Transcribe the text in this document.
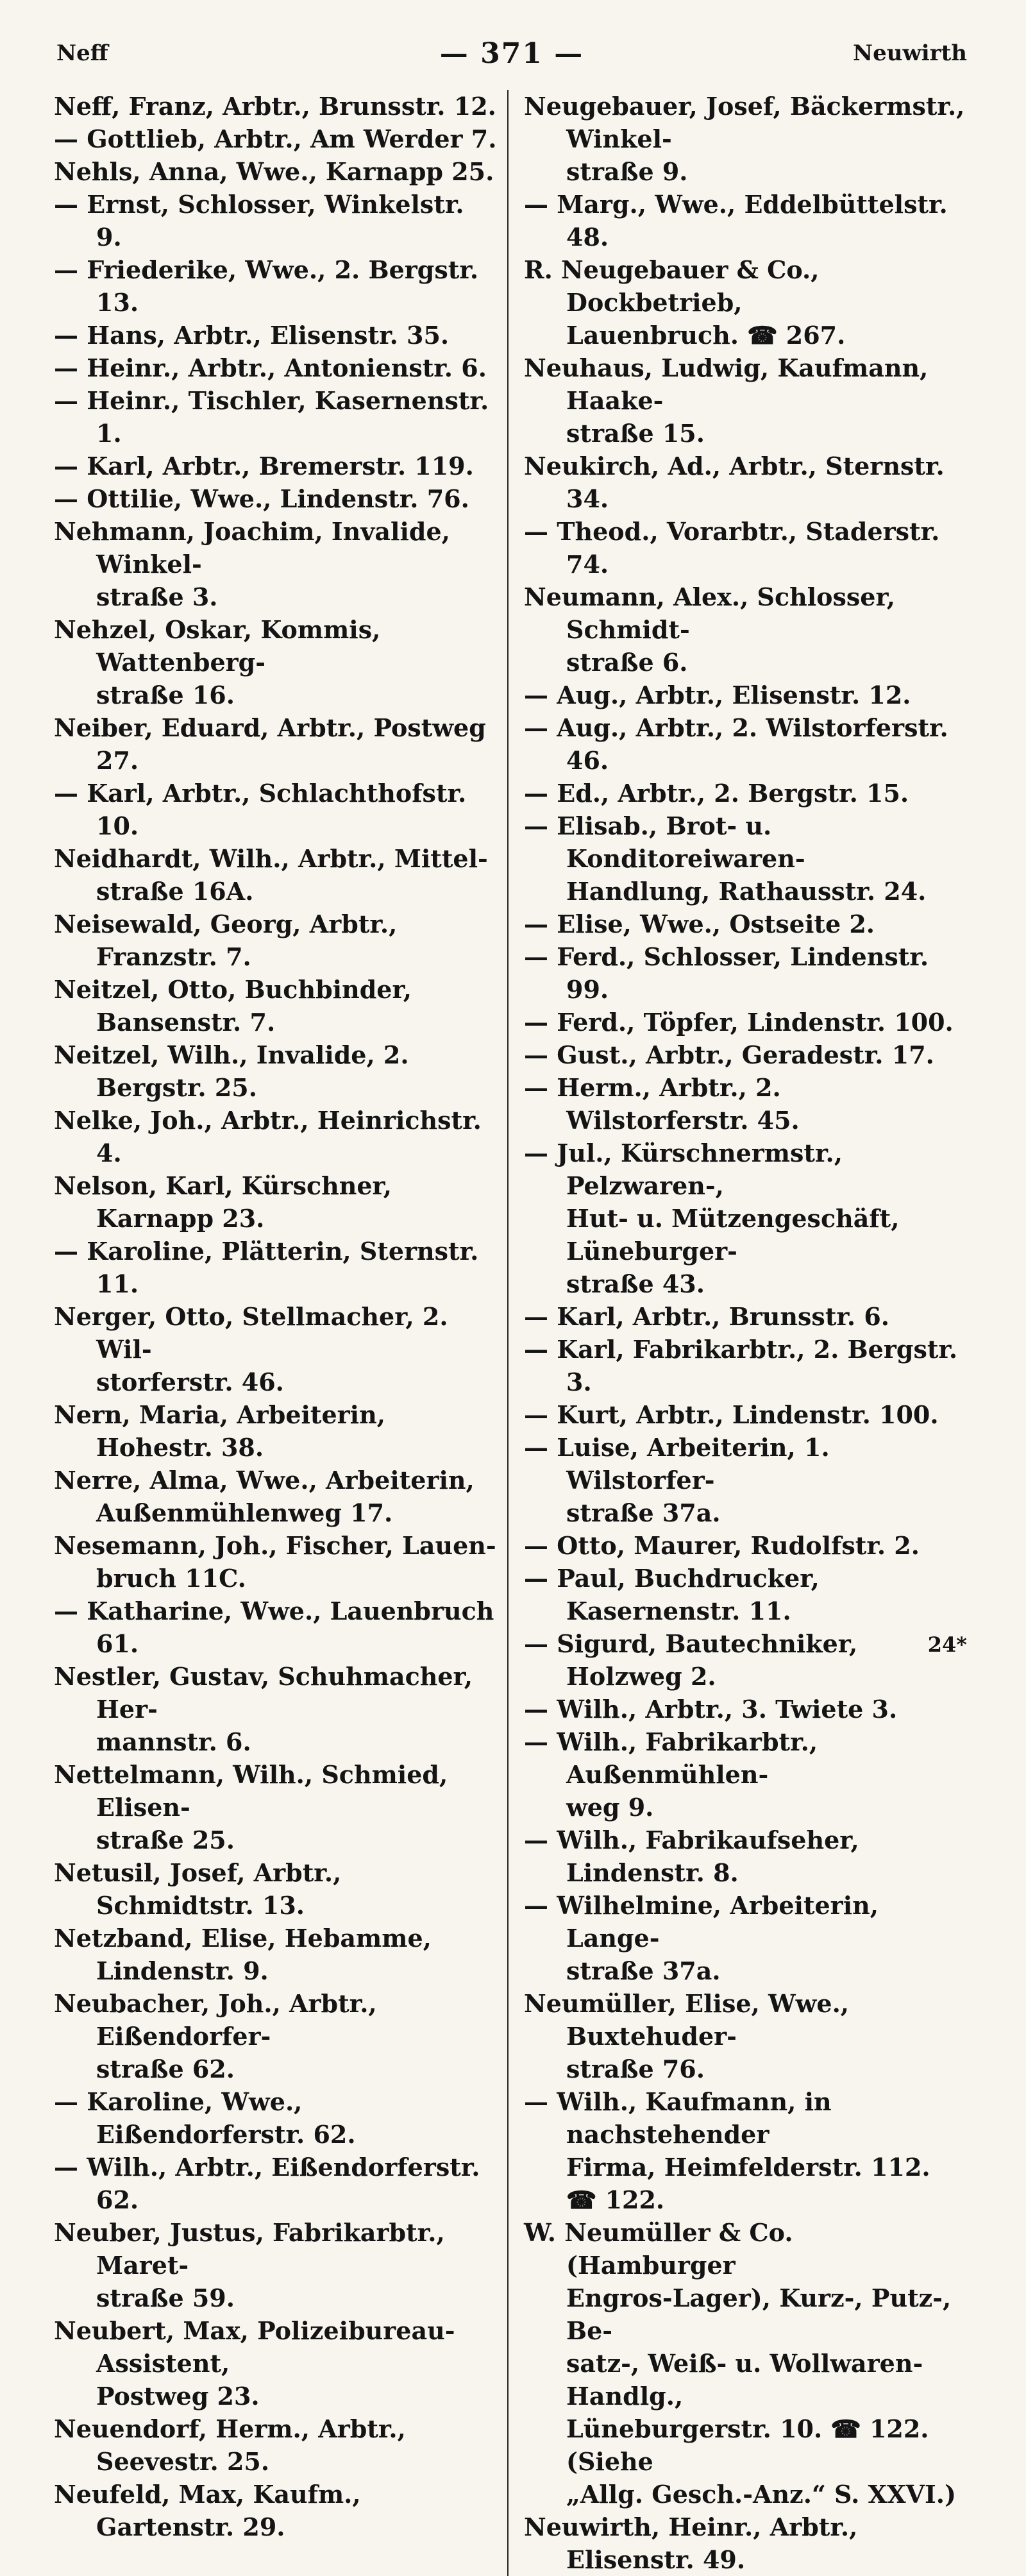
Neff	— 371 —	Neuwirth

Neff, Franz, Arbtr., Brunsstr. 12.

— Gottlieb, Arbtr., Am Werder 7.

Nehls, Anna, Wwe., Karnapp 25.

— Ernst, Schlosser, Winkelstr. 9.

— Friederike, Wwe., 2. Bergstr. 13.

— Hans, Arbtr., Elisenstr. 35.

— Heinr., Arbtr., Antonienstr. 6.

— Heinr., Tischler, Kasernenstr. 1.

— Karl, Arbtr., Bremerstr. 119.

— Ottilie, Wwe., Lindenstr. 76.

Nehmann, Joachim, Invalide, Winkel-
straße 3.

Nehzel, Oskar, Kommis, Wattenberg-
straße 16.

Neiber, Eduard, Arbtr., Postweg 27.

— Karl, Arbtr., Schlachthofstr. 10.

Neidhardt, Wilh., Arbtr., Mittel-
straße 16A.

Neisewald, Georg, Arbtr., Franzstr. 7.

Neitzel, Otto, Buchbinder, Bansenstr. 7.

Neitzel, Wilh., Invalide, 2. Bergstr. 25.

Nelke, Joh., Arbtr., Heinrichstr. 4.

Nelson, Karl, Kürschner, Karnapp 23.

— Karoline, Plätterin, Sternstr. 11.

Nerger, Otto, Stellmacher, 2. Wil-
storferstr. 46.

Nern, Maria, Arbeiterin, Hohestr. 38.

Nerre, Alma, Wwe., Arbeiterin,
Außenmühlenweg 17.

Nesemann, Joh., Fischer, Lauen-
bruch 11C.

— Katharine, Wwe., Lauenbruch 61.

Nestler, Gustav, Schuhmacher, Her-
mannstr. 6.

Nettelmann, Wilh., Schmied, Elisen-
straße 25.

Netusil, Josef, Arbtr., Schmidtstr. 13.

Netzband, Elise, Hebamme, Lindenstr. 9.

Neubacher, Joh., Arbtr., Eißendorfer-
straße 62.

— Karoline, Wwe., Eißendorferstr. 62.

— Wilh., Arbtr., Eißendorferstr. 62.

Neuber, Justus, Fabrikarbtr., Maret-
straße 59.

Neubert, Max, Polizeibureau-Assistent,
Postweg 23.

Neuendorf, Herm., Arbtr., Seevestr. 25.

Neufeld, Max, Kaufm., Gartenstr. 29.

Neugebauer, Josef, Bäckermstr., Winkel-
straße 9.

— Marg., Wwe., Eddelbüttelstr. 48.

R. Neugebauer & Co., Dockbetrieb,
Lauenbruch. ☎ 267.

Neuhaus, Ludwig, Kaufmann, Haake-
straße 15.

Neukirch, Ad., Arbtr., Sternstr. 34.

— Theod., Vorarbtr., Staderstr. 74.

Neumann, Alex., Schlosser, Schmidt-
straße 6.

— Aug., Arbtr., Elisenstr. 12.

— Aug., Arbtr., 2. Wilstorferstr. 46.

— Ed., Arbtr., 2. Bergstr. 15.

— Elisab., Brot- u. Konditoreiwaren-
Handlung, Rathausstr. 24.

— Elise, Wwe., Ostseite 2.

— Ferd., Schlosser, Lindenstr. 99.

— Ferd., Töpfer, Lindenstr. 100.

— Gust., Arbtr., Geradestr. 17.

— Herm., Arbtr., 2. Wilstorferstr. 45.

— Jul., Kürschnermstr., Pelzwaren-,
Hut- u. Mützengeschäft, Lüneburger-
straße 43.

— Karl, Arbtr., Brunsstr. 6.

— Karl, Fabrikarbtr., 2. Bergstr. 3.

— Kurt, Arbtr., Lindenstr. 100.

— Luise, Arbeiterin, 1. Wilstorfer-
straße 37a.

— Otto, Maurer, Rudolfstr. 2.

— Paul, Buchdrucker, Kasernenstr. 11.

— Sigurd, Bautechniker, Holzweg 2.

— Wilh., Arbtr., 3. Twiete 3.

— Wilh., Fabrikarbtr., Außenmühlen-
weg 9.

— Wilh., Fabrikaufseher, Lindenstr. 8.

— Wilhelmine, Arbeiterin, Lange-
straße 37a.

Neumüller, Elise, Wwe., Buxtehuder-
straße 76.

— Wilh., Kaufmann, in nachstehender
Firma, Heimfelderstr. 112. ☎ 122.

W. Neumüller & Co. (Hamburger
Engros-Lager), Kurz-, Putz-, Be-
satz-, Weiß- u. Wollwaren-Handlg.,
Lüneburgerstr. 10. ☎ 122. (Siehe
„Allg. Gesch.-Anz.“ S. XXVI.)

Neuwirth, Heinr., Arbtr., Elisenstr. 49.

24*
